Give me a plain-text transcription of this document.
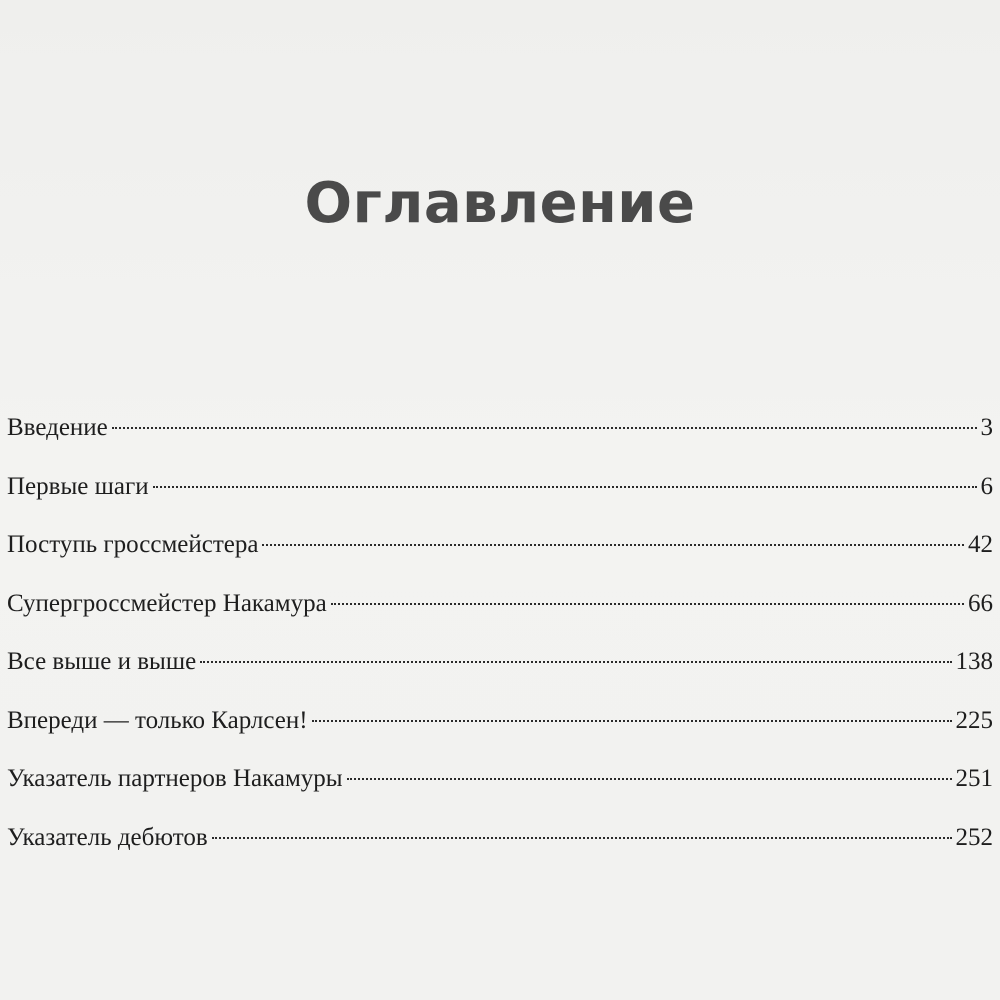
Оглавление
Введение	3
Первые шаги	6
Поступь гроссмейстера	42
Супергроссмейстер Накамура	66
Все выше и выше	138
Впереди — только Карлсен!	225
Указатель партнеров Накамуры	251
Указатель дебютов	252
